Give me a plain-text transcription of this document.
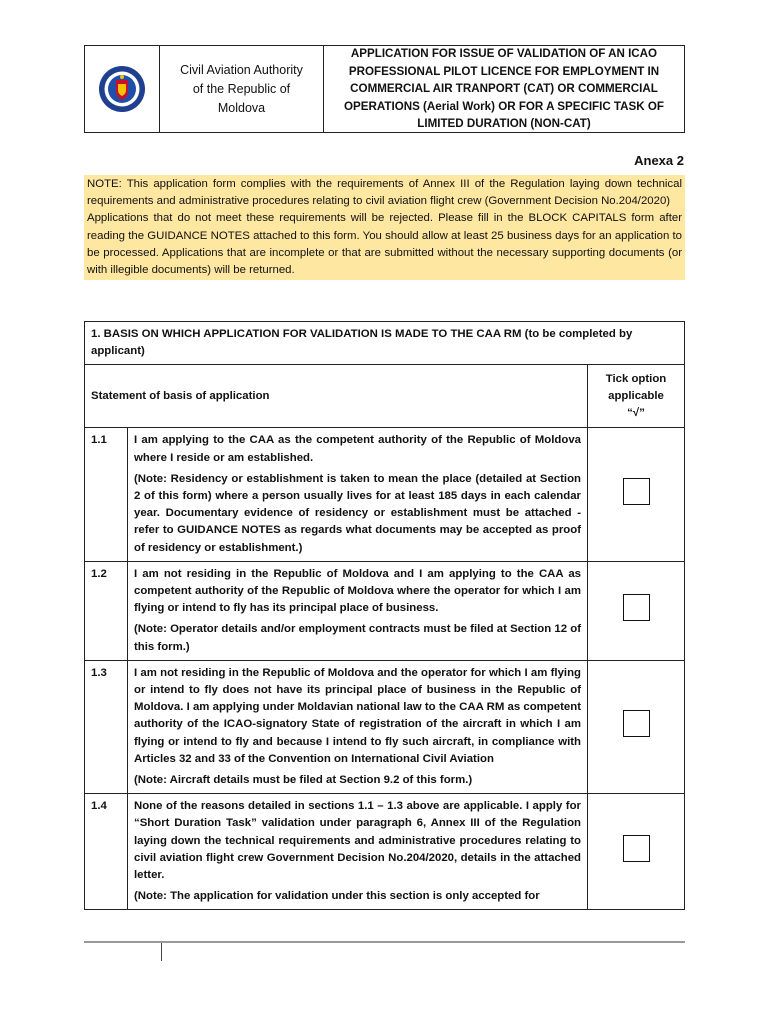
Civil Aviation Authority
of the Republic of
Moldova
APPLICATION FOR ISSUE OF VALIDATION OF AN ICAO PROFESSIONAL PILOT LICENCE FOR EMPLOYMENT IN COMMERCIAL AIR TRANPORT (CAT) OR COMMERCIAL OPERATIONS (Aerial Work) OR FOR A SPECIFIC TASK OF LIMITED DURATION (NON-CAT)
Anexa 2
NOTE: This application form complies with the requirements of Annex III of the Regulation laying down technical requirements and administrative procedures relating to civil aviation flight crew (Government Decision No.204/2020)
Applications that do not meet these requirements will be rejected. Please fill in the BLOCK CAPITALS form after reading the GUIDANCE NOTES attached to this form. You should allow at least 25 business days for an application to be processed. Applications that are incomplete or that are submitted without the necessary supporting documents (or with illegible documents) will be returned.
1. BASIS ON WHICH APPLICATION FOR VALIDATION IS MADE TO THE CAA RM (to be completed by applicant)		
Statement of basis of application		Tick option
applicable
“√”

1.1	I am applying to the CAA as the competent authority of the Republic of Moldova where I reside or am established.
(Note: Residency or establishment is taken to mean the place (detailed at Section 2 of this form) where a person usually lives for at least 185 days in each calendar year. Documentary evidence of residency or establishment must be attached - refer to GUIDANCE NOTES as regards what documents may be accepted as proof of residency or establishment.)	

1.2	I am not residing in the Republic of Moldova and I am applying to the CAA as competent authority of the Republic of Moldova where the operator for which I am flying or intend to fly has its principal place of business.
(Note: Operator details and/or employment contracts must be filed at Section 12 of this form.)	

1.3	I am not residing in the Republic of Moldova and the operator for which I am flying or intend to fly does not have its principal place of business in the Republic of Moldova. I am applying under Moldavian national law to the CAA RM as competent authority of the ICAO-signatory State of registration of the aircraft in which I am flying or intend to fly and because I intend to fly such aircraft, in compliance with Articles 32 and 33 of the Convention on International Civil Aviation
(Note: Aircraft details must be filed at Section 9.2 of this form.)	

1.4	None of the reasons detailed in sections 1.1 – 1.3 above are applicable. I apply for “Short Duration Task” validation under paragraph 6, Annex III of the Regulation laying down the technical requirements and administrative procedures relating to civil aviation flight crew Government Decision No.204/2020, details in the attached letter.
(Note: The application for validation under this section is only accepted for	
